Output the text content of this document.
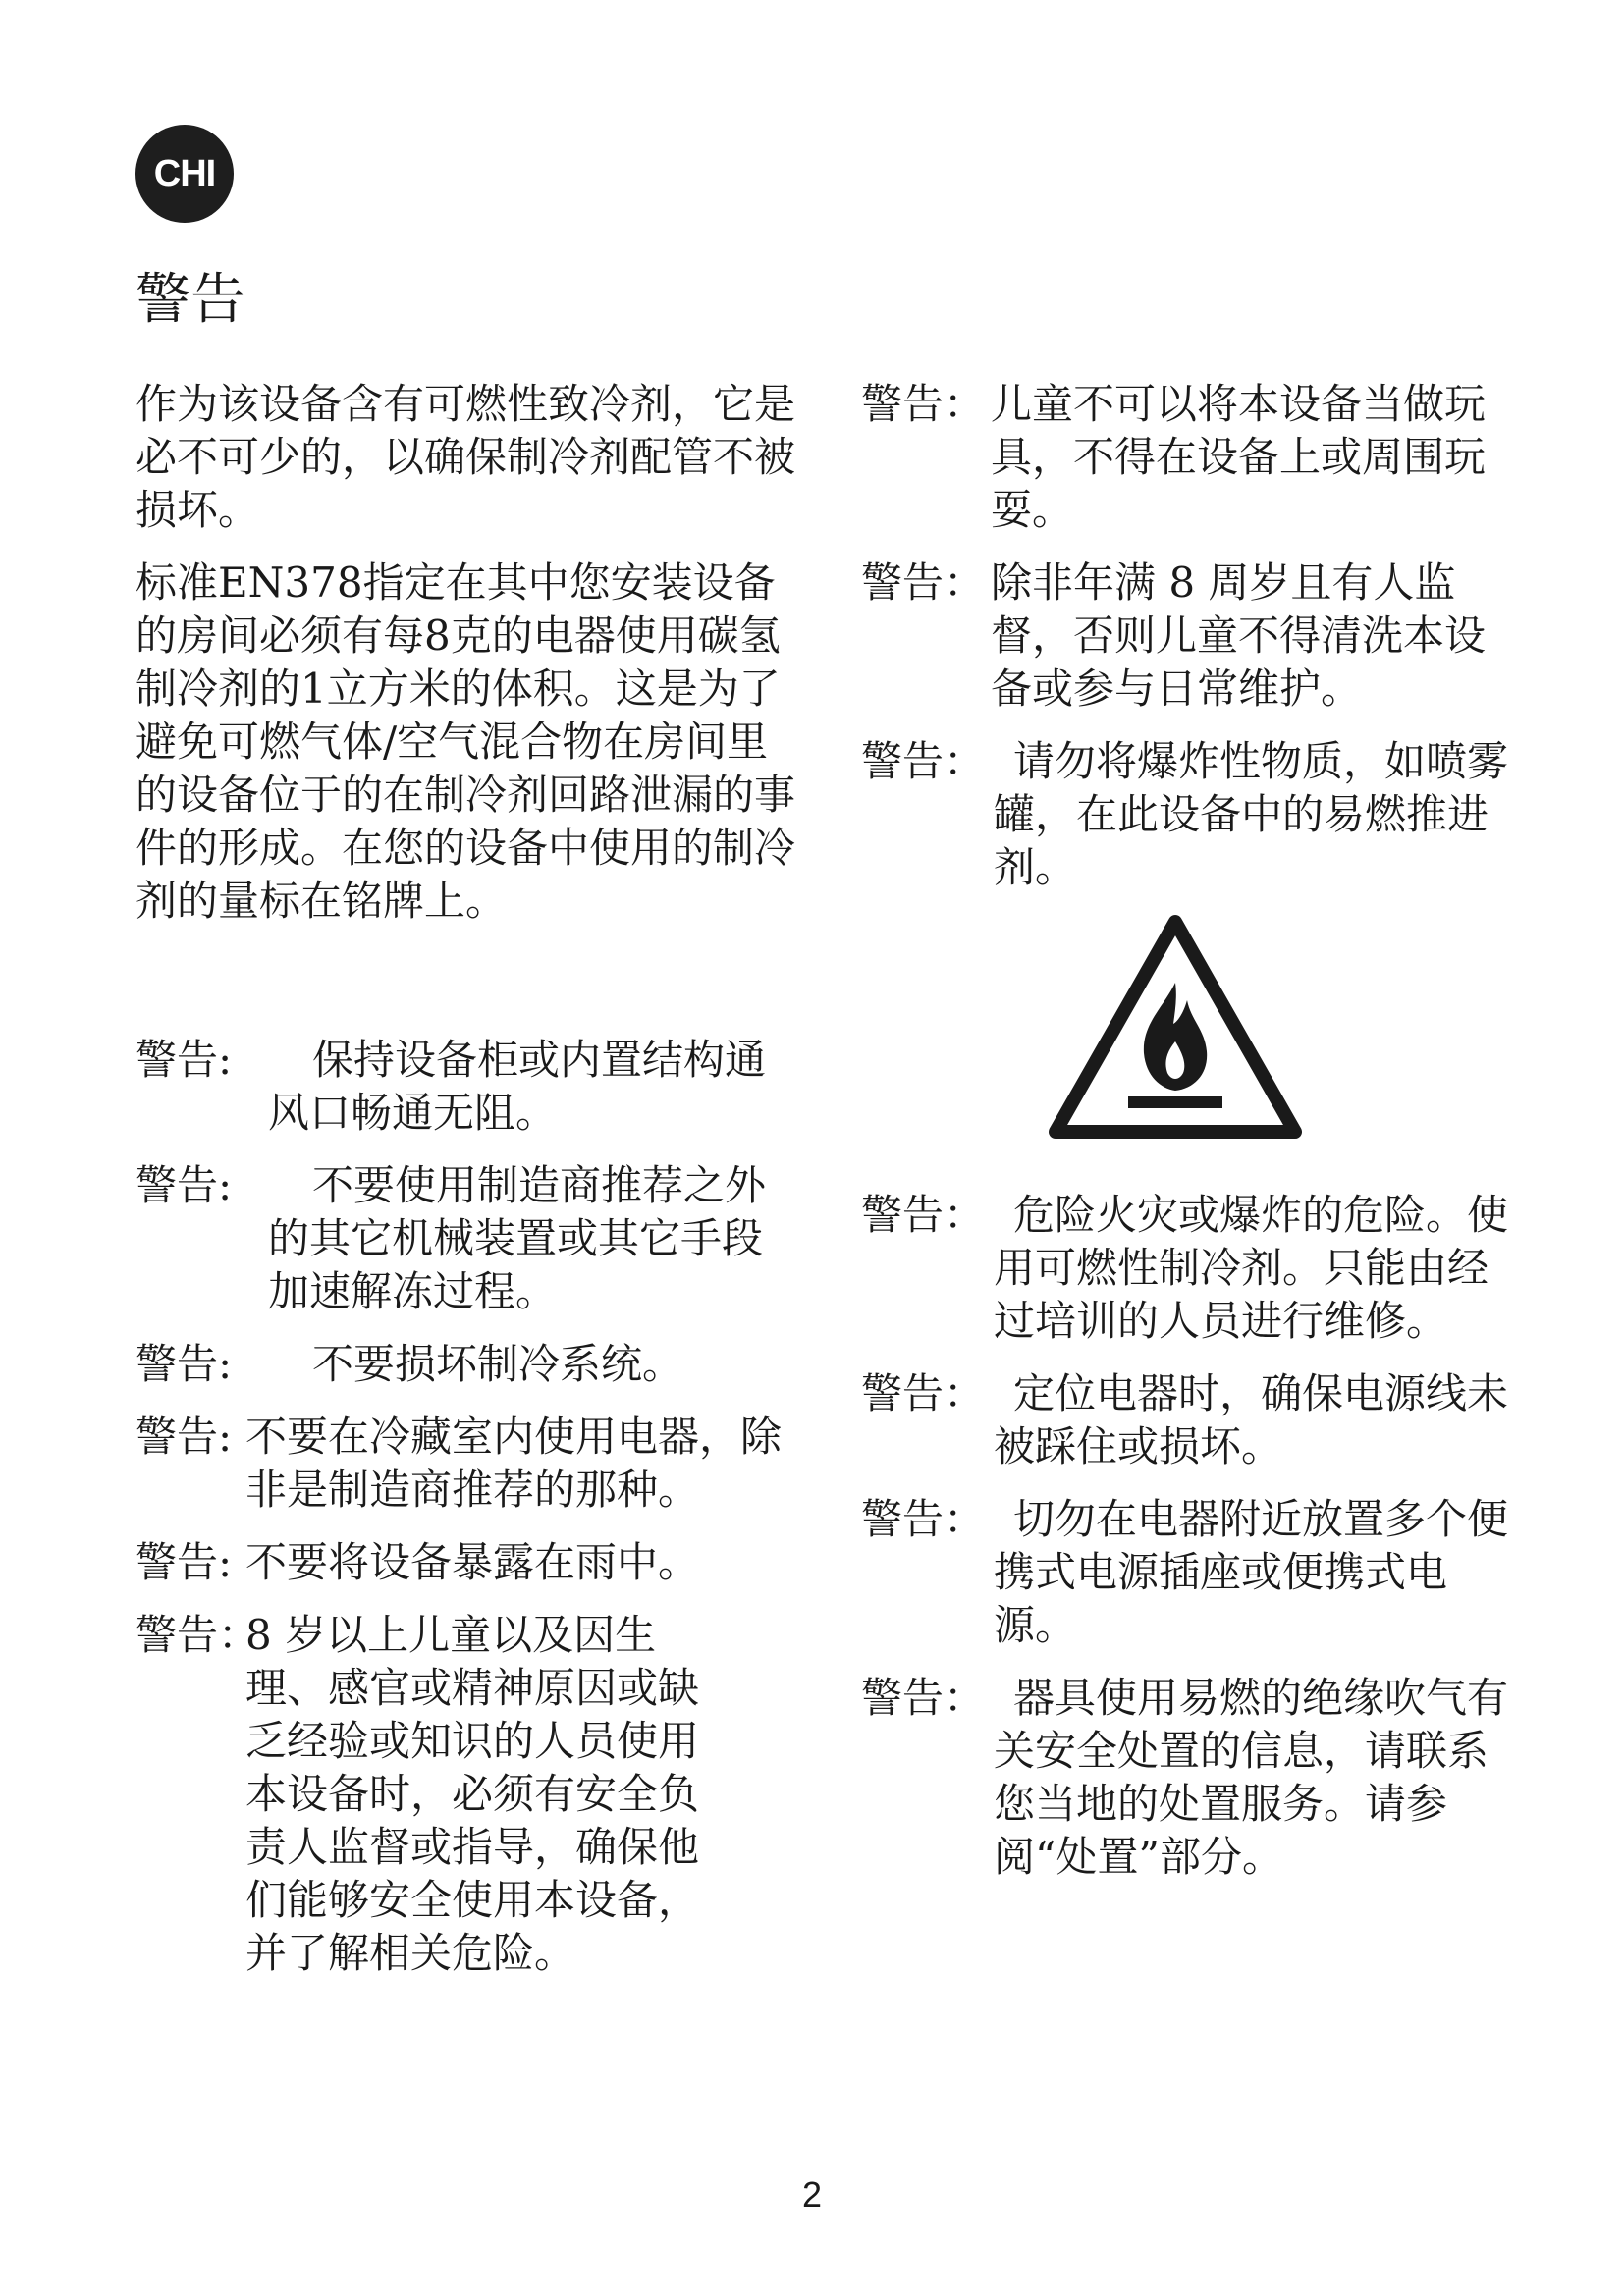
CHI
警告

作为该设备含有可燃性致冷剂，它是必不可少的，以确保制冷剂配管不被损坏。

标准EN378指定在其中您安装设备的房间必须有每8克的电器使用碳氢制冷剂的1立方米的体积。这是为了避免可燃气体/空气混合物在房间里的设备位于的在制冷剂回路泄漏的事件的形成。在您的设备中使用的制冷剂的量标在铭牌上。

警告:	保持设备柜或内置结构通风口畅通无阻。
警告:	不要使用制造商推荐之外的其它机械装置或其它手段加速解冻过程。
警告:	不要损坏制冷系统。
警告: 不要在冷藏室内使用电器，除非是制造商推荐的那种。
警告: 不要将设备暴露在雨中。
警告：
8 岁以上儿童以及因生理、感官或精神原因或缺乏经验或知识的人员使用本设备时，必须有安全负责人监督或指导，确保他们能够安全使用本设备，并了解相关危险。
警告： 儿童不可以将本设备当做玩具，不得在设备上或周围玩耍。
警告： 除非年满 8 周岁且有人监督，否则儿童不得清洗本设备或参与日常维护。
警告： 请勿将爆炸性物质，如喷雾罐，在此设备中的易燃推进剂。
警告： 危险火灾或爆炸的危险。使用可燃性制冷剂。只能由经过培训的人员进行维修。
警告： 定位电器时，确保电源线未被踩住或损坏。
警告： 切勿在电器附近放置多个便携式电源插座或便携式电源。
警告： 器具使用易燃的绝缘吹气有关安全处置的信息，请联系您当地的处置服务。请参阅“处置”部分。
2
